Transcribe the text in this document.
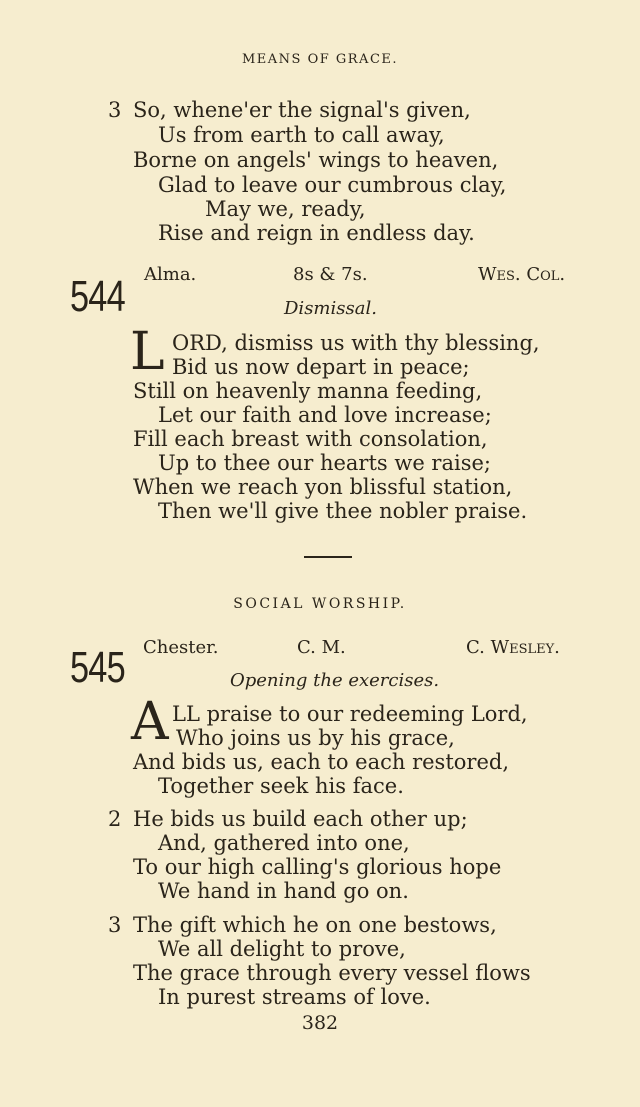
MEANS OF GRACE.
3 So, whene'er the signal's given,
Us from earth to call away,
Borne on angels' wings to heaven,
Glad to leave our cumbrous clay,
May we, ready,
Rise and reign in endless day.
544 Alma.	8s & 7s.	Wes. Col.
Dismissal.
L ORD, dismiss us with thy blessing,
Bid us now depart in peace;
Still on heavenly manna feeding,
Let our faith and love increase;
Fill each breast with consolation,
Up to thee our hearts we raise;
When we reach yon blissful station,
Then we'll give thee nobler praise.
SOCIAL WORSHIP.
545 Chester.	C. M.	C. Wesley.
Opening the exercises.
A LL praise to our redeeming Lord,
Who joins us by his grace,
And bids us, each to each restored,
Together seek his face.
2 He bids us build each other up;
And, gathered into one,
To our high calling's glorious hope
We hand in hand go on.
3 The gift which he on one bestows,
We all delight to prove,
The grace through every vessel flows
In purest streams of love.
382
